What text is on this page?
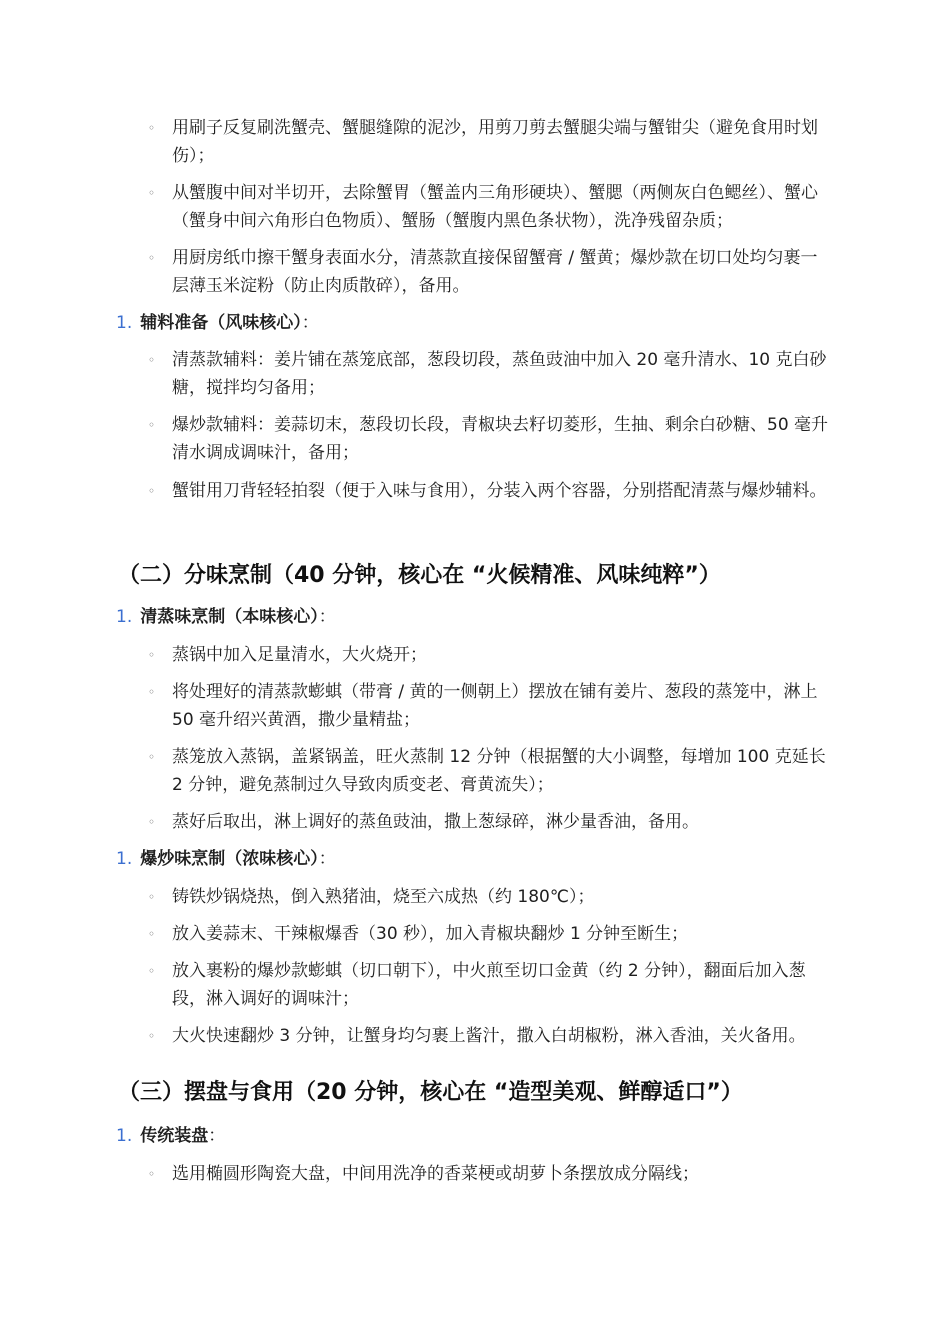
◦ 用刷子反复刷洗蟹壳、蟹腿缝隙的泥沙，用剪刀剪去蟹腿尖端与蟹钳尖（避免食用时划伤）；
◦ 从蟹腹中间对半切开，去除蟹胃（蟹盖内三角形硬块）、蟹腮（两侧灰白色鳃丝）、蟹心（蟹身中间六角形白色物质）、蟹肠（蟹腹内黑色条状物），洗净残留杂质；
◦ 用厨房纸巾擦干蟹身表面水分，清蒸款直接保留蟹膏 / 蟹黄；爆炒款在切口处均匀裹一层薄玉米淀粉（防止肉质散碎），备用。
1. 辅料准备（风味核心）：
◦ 清蒸款辅料：姜片铺在蒸笼底部，葱段切段，蒸鱼豉油中加入 20 毫升清水、10 克白砂糖，搅拌均匀备用；
◦ 爆炒款辅料：姜蒜切末，葱段切长段，青椒块去籽切菱形，生抽、剩余白砂糖、50 毫升清水调成调味汁，备用；
◦ 蟹钳用刀背轻轻拍裂（便于入味与食用），分装入两个容器，分别搭配清蒸与爆炒辅料。
（二）分味烹制（40 分钟，核心在 “火候精准、风味纯粹”）
1. 清蒸味烹制（本味核心）：
◦ 蒸锅中加入足量清水，大火烧开；
◦ 将处理好的清蒸款蟛蜞（带膏 / 黄的一侧朝上）摆放在铺有姜片、葱段的蒸笼中，淋上 50 毫升绍兴黄酒，撒少量精盐；
◦ 蒸笼放入蒸锅，盖紧锅盖，旺火蒸制 12 分钟（根据蟹的大小调整，每增加 100 克延长 2 分钟，避免蒸制过久导致肉质变老、膏黄流失）；
◦ 蒸好后取出，淋上调好的蒸鱼豉油，撒上葱绿碎，淋少量香油，备用。
1. 爆炒味烹制（浓味核心）：
◦ 铸铁炒锅烧热，倒入熟猪油，烧至六成热（约 180℃）；
◦ 放入姜蒜末、干辣椒爆香（30 秒），加入青椒块翻炒 1 分钟至断生；
◦ 放入裹粉的爆炒款蟛蜞（切口朝下），中火煎至切口金黄（约 2 分钟），翻面后加入葱段，淋入调好的调味汁；
◦ 大火快速翻炒 3 分钟，让蟹身均匀裹上酱汁，撒入白胡椒粉，淋入香油，关火备用。
（三）摆盘与食用（20 分钟，核心在 “造型美观、鲜醇适口”）
1. 传统装盘：
◦ 选用椭圆形陶瓷大盘，中间用洗净的香菜梗或胡萝卜条摆放成分隔线；
